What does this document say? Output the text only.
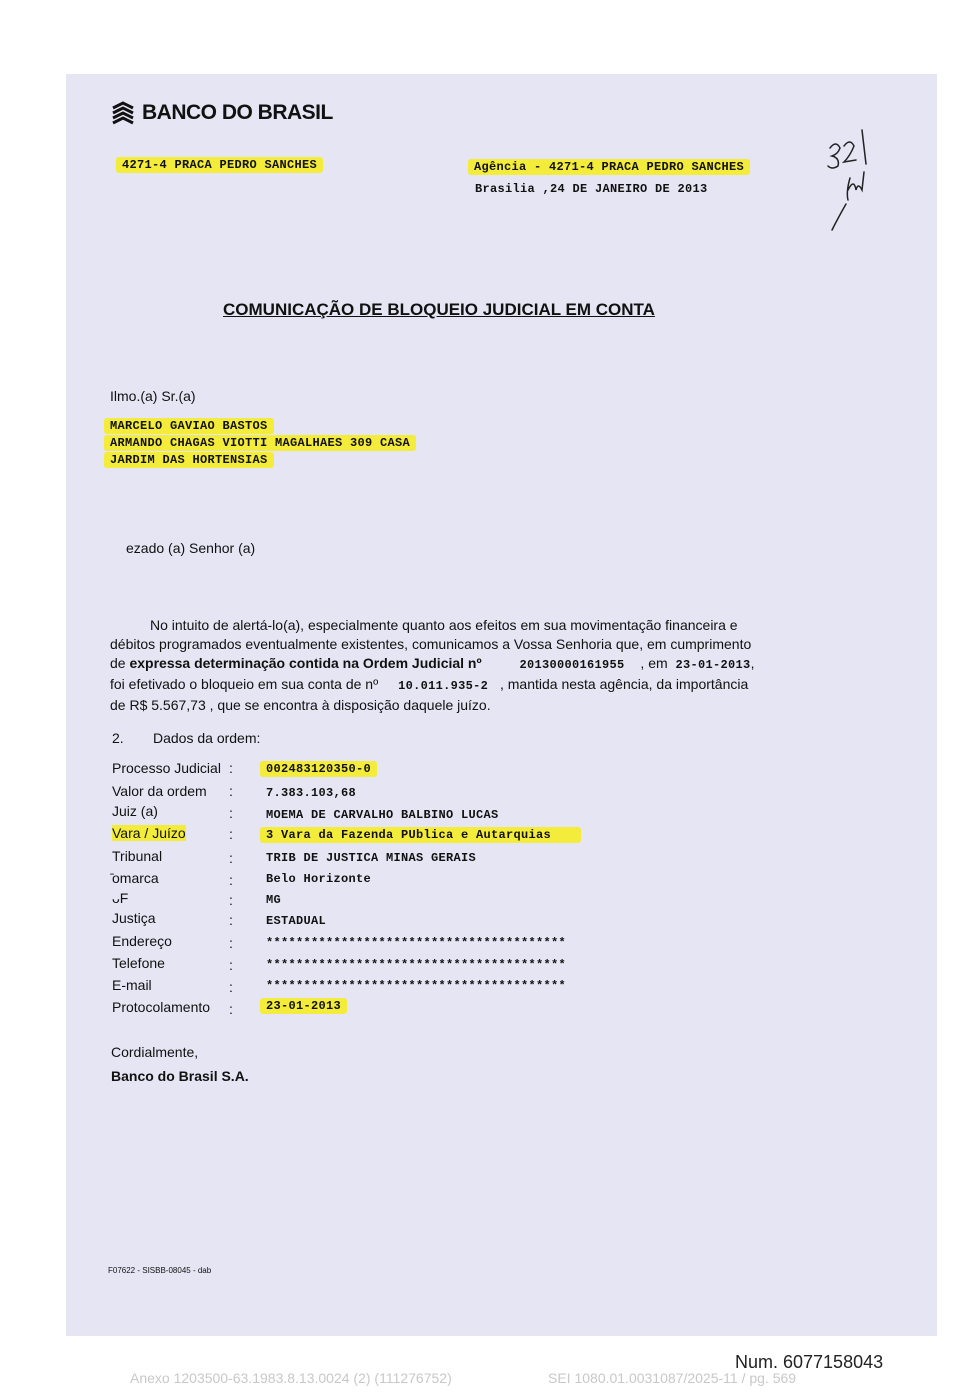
BANCO DO BRASIL
4271-4 PRACA PEDRO SANCHES	Agência - 4271-4 PRACA PEDRO SANCHES
Brasilia ,24 DE JANEIRO DE 2013
321
COMUNICAÇÃO DE BLOQUEIO JUDICIAL EM CONTA
Ilmo.(a) Sr.(a)
MARCELO GAVIAO BASTOS
ARMANDO CHAGAS VIOTTI MAGALHAES 309 CASA
JARDIM DAS HORTENSIAS
ezado (a) Senhor (a)

No intuito de alertá-lo(a), especialmente quanto aos efeitos em sua movimentação financeira e

débitos programados eventualmente existentes, comunicamos a Vossa Senhoria que, em cumprimento

de expressa determinação contida na Ordem Judicial nº	20130000161955 , em 23-01-2013,

foi efetivado o bloqueio em sua conta de nº 10.011.935-2 , mantida nesta agência, da importância

de R$ 5.567,73 , que se encontra à disposição daquele juízo.

2. Dados da ordem:
Processo Judicial :	002483120350-0
Valor da ordem :	7.383.103,68
Juiz (a)	:	MOEMA DE CARVALHO BALBINO LUCAS
Vara / Juízo	:	3 Vara da Fazenda PUblica e Autarquias
Tribunal	:	TRIB DE JUSTICA MINAS GERAIS
̄omarca	:	Belo Horizonte
ᴗF	:	MG
Justiça	:	ESTADUAL
Endereço	:	****************************************
Telefone	:	****************************************
E-mail	:	****************************************
Protocolamento :	23-01-2013
Cordialmente,
Banco do Brasil S.A.
F07622 - SISBB-08045 - dab
Num. 6077158043
Anexo 1203500-63.1983.8.13.0024 (2) (111276752)	SEI 1080.01.0031087/2025-11 / pg. 569
